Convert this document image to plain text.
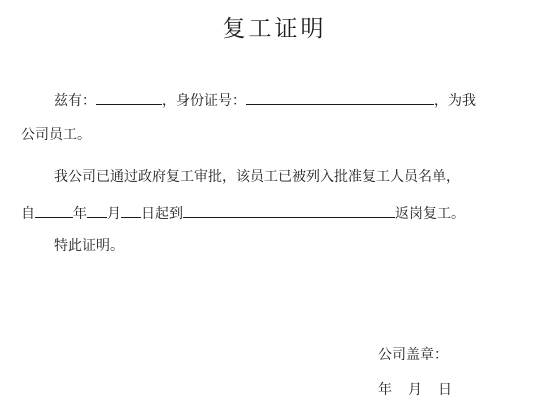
复工证明
兹有：	，身份证号：	，为我
公司员工。
我公司已通过政府复工审批，该员工已被列入批准复工人员名单，
自	年 月 日起到	返岗复工。
特此证明。
公司盖章：
年 月 日
